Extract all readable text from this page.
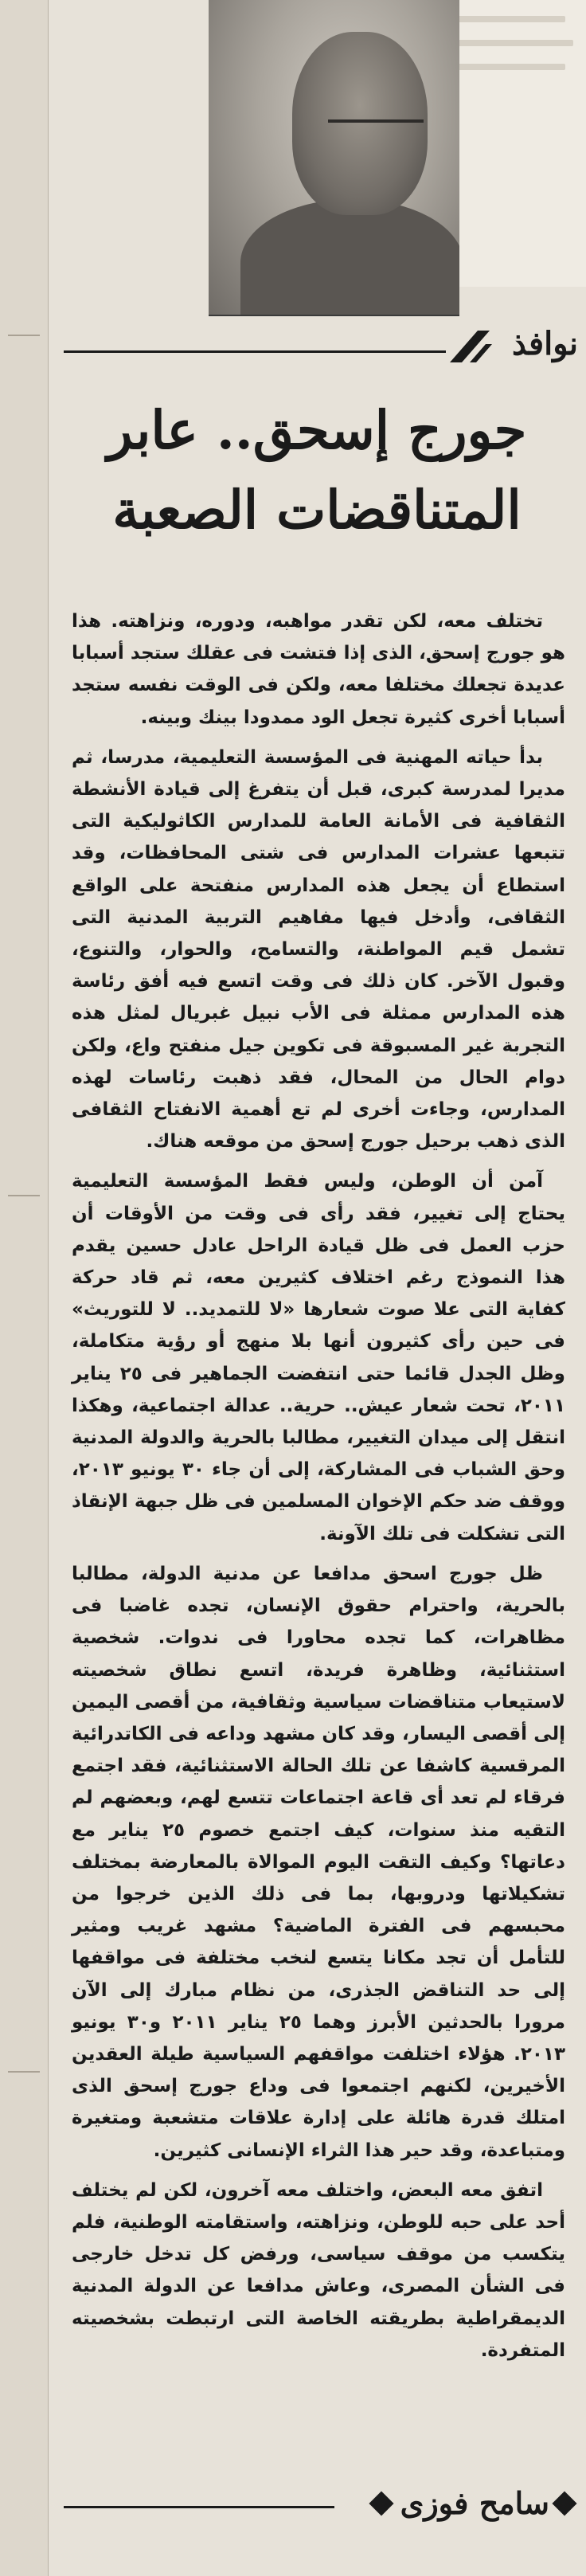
نوافذ
جورج إسحق.. عابر
المتناقضات الصعبة

تختلف معه، لكن تقدر مواهبه، ودوره، ونزاهته. هذا هو جورج إسحق، الذى إذا فتشت فى عقلك ستجد أسبابا عديدة تجعلك مختلفا معه، ولكن فى الوقت نفسه ستجد أسبابا أخرى كثيرة تجعل الود ممدودا بينك وبينه.

بدأ حياته المهنية فى المؤسسة التعليمية، مدرسا، ثم مديرا لمدرسة كبرى، قبل أن يتفرغ إلى قيادة الأنشطة الثقافية فى الأمانة العامة للمدارس الكاثوليكية التى تتبعها عشرات المدارس فى شتى المحافظات، وقد استطاع أن يجعل هذه المدارس منفتحة على الواقع الثقافى، وأدخل فيها مفاهيم التربية المدنية التى تشمل قيم المواطنة، والتسامح، والحوار، والتنوع، وقبول الآخر. كان ذلك فى وقت اتسع فيه أفق رئاسة هذه المدارس ممثلة فى الأب نبيل غبريال لمثل هذه التجربة غير المسبوقة فى تكوين جيل منفتح واع، ولكن دوام الحال من المحال، فقد ذهبت رئاسات لهذه المدارس، وجاءت أخرى لم تع أهمية الانفتاح الثقافى الذى ذهب برحيل جورج إسحق من موقعه هناك.

آمن أن الوطن، وليس فقط المؤسسة التعليمية يحتاج إلى تغيير، فقد رأى فى وقت من الأوقات أن حزب العمل فى ظل قيادة الراحل عادل حسين يقدم هذا النموذج رغم اختلاف كثيرين معه، ثم قاد حركة كفاية التى علا صوت شعارها «لا للتمديد.. لا للتوريث» فى حين رأى كثيرون أنها بلا منهج أو رؤية متكاملة، وظل الجدل قائما حتى انتفضت الجماهير فى ٢٥ يناير ٢٠١١، تحت شعار عيش.. حرية.. عدالة اجتماعية، وهكذا انتقل إلى ميدان التغيير، مطالبا بالحرية والدولة المدنية وحق الشباب فى المشاركة، إلى أن جاء ٣٠ يونيو ٢٠١٣، ووقف ضد حكم الإخوان المسلمين فى ظل جبهة الإنقاذ التى تشكلت فى تلك الآونة.

ظل جورج اسحق مدافعا عن مدنية الدولة، مطالبا بالحرية، واحترام حقوق الإنسان، تجده غاضبا فى مظاهرات، كما تجده محاورا فى ندوات. شخصية استثنائية، وظاهرة فريدة، اتسع نطاق شخصيته لاستيعاب متناقضات سياسية وثقافية، من أقصى اليمين إلى أقصى اليسار، وقد كان مشهد وداعه فى الكاتدرائية المرقسية كاشفا عن تلك الحالة الاستثنائية، فقد اجتمع فرقاء لم تعد أى قاعة اجتماعات تتسع لهم، وبعضهم لم التقيه منذ سنوات، كيف اجتمع خصوم ٢٥ يناير مع دعاتها؟ وكيف التقت اليوم الموالاة بالمعارضة بمختلف تشكيلاتها ودروبها، بما فى ذلك الذين خرجوا من محبسهم فى الفترة الماضية؟ مشهد غريب ومثير للتأمل أن تجد مكانا يتسع لنخب مختلفة فى مواقفها إلى حد التناقض الجذرى، من نظام مبارك إلى الآن مرورا بالحدثين الأبرز وهما ٢٥ يناير ٢٠١١ و٣٠ يونيو ٢٠١٣. هؤلاء اختلفت مواقفهم السياسية طيلة العقدين الأخيرين، لكنهم اجتمعوا فى وداع جورج إسحق الذى امتلك قدرة هائلة على إدارة علاقات متشعبة ومتغيرة ومتباعدة، وقد حير هذا الثراء الإنسانى كثيرين.

اتفق معه البعض، واختلف معه آخرون، لكن لم يختلف أحد على حبه للوطن، ونزاهته، واستقامته الوطنية، فلم يتكسب من موقف سياسى، ورفض كل تدخل خارجى فى الشأن المصرى، وعاش مدافعا عن الدولة المدنية الديمقراطية بطريقته الخاصة التى ارتبطت بشخصيته المتفردة.

سامح فوزى
